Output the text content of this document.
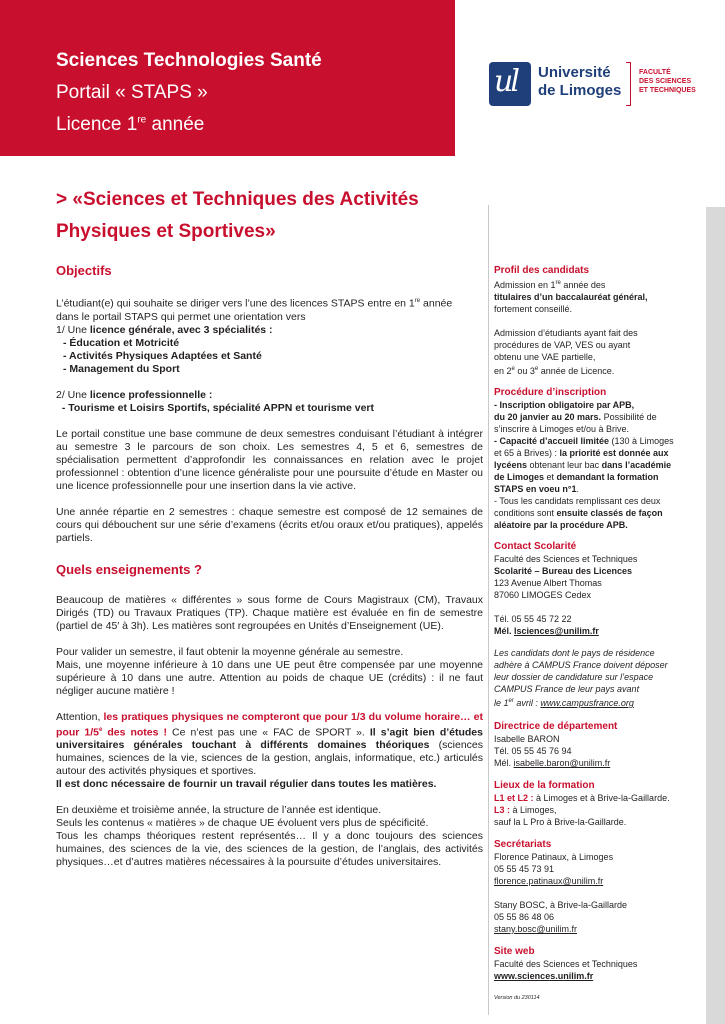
Sciences Technologies Santé
Portail « STAPS »
Licence 1re année
ul Université
de Limoges
FACULTÉ
DES SCIENCES
ET TECHNIQUES
> «Sciences et Techniques des Activités
Physiques et Sportives»
Objectifs

L’étudiant(e) qui souhaite se diriger vers l’une des licences STAPS entre en 1re année
dans le portail STAPS qui permet une orientation vers
1/ Une licence générale, avec 3 spécialités :

- Éducation et Motricité
- Activités Physiques Adaptées et Santé
- Management du Sport

2/ Une licence professionnelle :
- Tourisme et Loisirs Sportifs, spécialité APPN et tourisme vert

Le portail constitue une base commune de deux semestres conduisant l’étudiant à intégrer au semestre 3 le parcours de son choix. Les semestres 4, 5 et 6, semestres de spécialisation permettent d’approfondir les connaissances en relation avec le projet professionnel : obtention d’une licence généraliste pour une poursuite d’étude en Master ou une licence professionnelle pour une insertion dans la vie active.

Une année répartie en 2 semestres : chaque semestre est composé de 12 semaines de cours qui débouchent sur une série d’examens (écrits et/ou oraux et/ou pratiques), appelés partiels.

Quels enseignements ?

Beaucoup de matières « différentes » sous forme de Cours Magistraux (CM), Travaux Dirigés (TD) ou Travaux Pratiques (TP). Chaque matière est évaluée en fin de semestre (partiel de 45′ à 3h). Les matières sont regroupées en Unités d’Enseignement (UE).

Pour valider un semestre, il faut obtenir la moyenne générale au semestre.
Mais, une moyenne inférieure à 10 dans une UE peut être compensée par une moyenne supérieure à 10 dans une autre. Attention au poids de chaque UE (crédits) : il ne faut négliger aucune matière !

Attention, les pratiques physiques ne compteront que pour 1/3 du volume horaire… et pour 1/5e des notes ! Ce n’est pas une « FAC de SPORT ». Il s’agit bien d’études universitaires générales touchant à différents domaines théoriques (sciences humaines, sciences de la vie, sciences de la gestion, anglais, informatique, etc.) articulés autour des activités physiques et sportives.
Il est donc nécessaire de fournir un travail régulier dans toutes les matières.

En deuxième et troisième année, la structure de l’année est identique.
Seuls les contenus « matières » de chaque UE évoluent vers plus de spécificité.
Tous les champs théoriques restent représentés… Il y a donc toujours des sciences humaines, des sciences de la vie, des sciences de la gestion, de l’anglais, des activités physiques…et d’autres matières nécessaires à la poursuite d’études universitaires.

Profil des candidats
Admission en 1re année des
titulaires d’un baccalauréat général,
fortement conseillé.
Admission d’étudiants ayant fait des
procédures de VAP, VES ou ayant
obtenu une VAE partielle,
en 2e ou 3e année de Licence.
Procédure d’inscription
- Inscription obligatoire par APB,
du 20 janvier au 20 mars. Possibilité de
s’inscrire à Limoges et/ou à Brive.
- Capacité d’accueil limitée (130 à Limoges
et 65 à Brives) : la priorité est donnée aux
lycéens obtenant leur bac dans l’académie
de Limoges et demandant la formation
STAPS en voeu n°1.
- Tous les candidats remplissant ces deux
conditions sont ensuite classés de façon
aléatoire par la procédure APB.
Contact Scolarité
Faculté des Sciences et Techniques
Scolarité – Bureau des Licences
123 Avenue Albert Thomas
87060 LIMOGES Cedex
Tél. 05 55 45 72 22
Mél. lsciences@unilim.fr
Les candidats dont le pays de résidence
adhère à CAMPUS France doivent déposer
leur dossier de candidature sur l’espace
CAMPUS France de leur pays avant
le 1er avril : www.campusfrance.org
Directrice de département
Isabelle BARON
Tél. 05 55 45 76 94
Mél. isabelle.baron@unilim.fr
Lieux de la formation
L1 et L2 : à Limoges et à Brive-la-Gaillarde.
L3 : à Limoges,
sauf la L Pro à Brive-la-Gaillarde.
Secrétariats
Florence Patinaux, à Limoges
05 55 45 73 91
florence.patinaux@unilim.fr
Stany BOSC, à Brive-la-Gaillarde
05 55 86 48 06
stany.bosc@unilim.fr
Site web
Faculté des Sciences et Techniques
www.sciences.unilim.fr
Version du 230114
